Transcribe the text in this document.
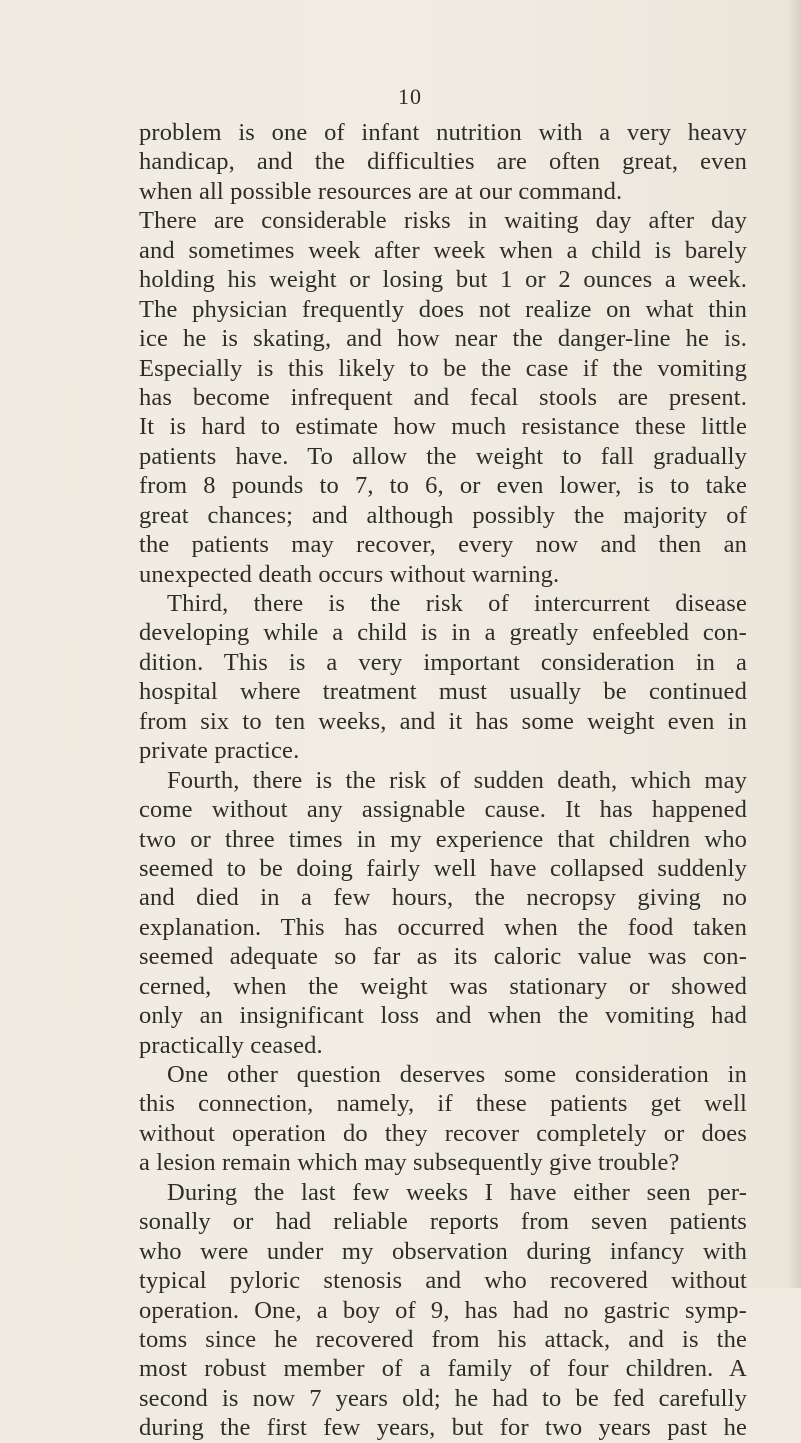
10
problem is one of infant nutrition with a very heavy
handicap, and the difficulties are often great, even
when all possible resources are at our command.
There are considerable risks in waiting day after day
and sometimes week after week when a child is barely
holding his weight or losing but 1 or 2 ounces a week.
The physician frequently does not realize on what thin
ice he is skating, and how near the danger-line he is.
Especially is this likely to be the case if the vomiting
has become infrequent and fecal stools are present.
It is hard to estimate how much resistance these little
patients have. To allow the weight to fall gradually
from 8 pounds to 7, to 6, or even lower, is to take
great chances; and although possibly the majority of
the patients may recover, every now and then an
unexpected death occurs without warning.
Third, there is the risk of intercurrent disease
developing while a child is in a greatly enfeebled con-
dition. This is a very important consideration in a
hospital where treatment must usually be continued
from six to ten weeks, and it has some weight even in
private practice.
Fourth, there is the risk of sudden death, which may
come without any assignable cause. It has happened
two or three times in my experience that children who
seemed to be doing fairly well have collapsed suddenly
and died in a few hours, the necropsy giving no
explanation. This has occurred when the food taken
seemed adequate so far as its caloric value was con-
cerned, when the weight was stationary or showed
only an insignificant loss and when the vomiting had
practically ceased.
One other question deserves some consideration in
this connection, namely, if these patients get well
without operation do they recover completely or does
a lesion remain which may subsequently give trouble?
During the last few weeks I have either seen per-
sonally or had reliable reports from seven patients
who were under my observation during infancy with
typical pyloric stenosis and who recovered without
operation. One, a boy of 9, has had no gastric symp-
toms since he recovered from his attack, and is the
most robust member of a family of four children. A
second is now 7 years old; he had to be fed carefully
during the first few years, but for two years past he
